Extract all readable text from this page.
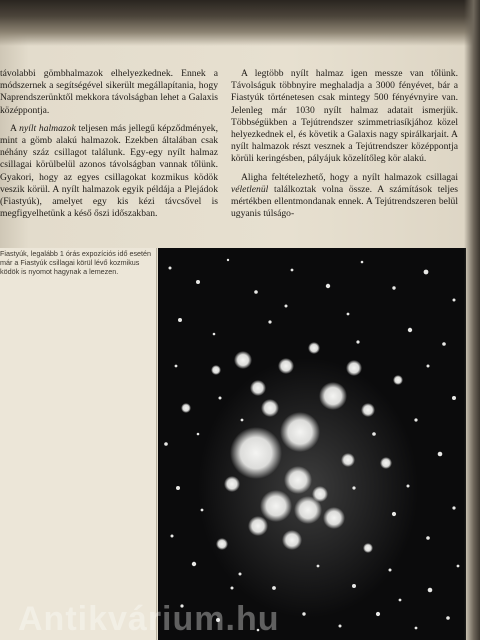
távolabbi gömbhalmazok elhelyezkednek. Ennek a módszernek a segítségével sikerült megállapítania, hogy Naprendszerünktől mekkora távolságban lehet a Galaxis középpontja.

A nyílt halmazok teljesen más jellegű képződmények, mint a gömb alakú halmazok. Ezekben általában csak néhány száz csillagot találunk. Egy-egy nyílt halmaz csillagai körülbelül azonos távolságban vannak tőlünk. Gyakori, hogy az egyes csillagokat kozmikus ködök veszik körül. A nyílt halmazok egyik példája a Plejádok (Fiastyúk), amelyet egy kis kézi távcsővel is megfigyelhetünk a késő őszi időszakban.

A legtöbb nyílt halmaz igen messze van tőlünk. Távolságuk többnyire meghaladja a 3000 fényévet, bár a Fiastyúk történetesen csak mintegy 500 fényévnyire van. Jelenleg már 1030 nyílt halmaz adatait ismerjük. Többségükben a Tejútrendszer szimmetriasíkjához közel helyezkednek el, és követik a Galaxis nagy spirálkarjait. A nyílt halmazok részt vesznek a Tejútrendszer középpontja körüli keringésben, pályájuk közelítőleg kör alakú.

Aligha feltételezhető, hogy a nyílt halmazok csillagai véletlenül találkoztak volna össze. A számítások teljes mértékben ellentmondanak ennek. A Tejútrendszeren belül ugyanis túlságo-

Fiastyúk, legalább 1 órás expozíciós idő esetén már a Fiastyúk csillagai körül lévő kozmikus ködök is nyomot hagynak a lemezen.
Antikvárium.hu
